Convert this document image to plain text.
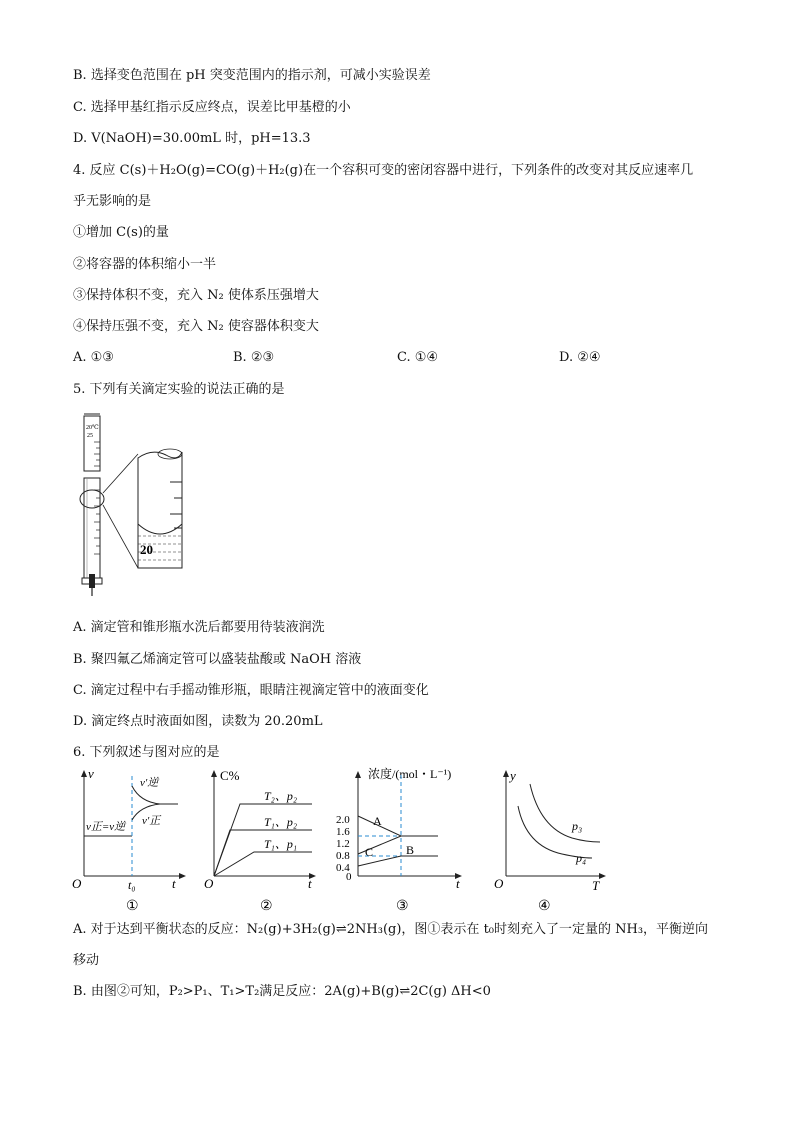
B. 选择变色范围在 pH 突变范围内的指示剂，可减小实验误差
C. 选择甲基红指示反应终点，误差比甲基橙的小
D. V(NaOH)=30.00mL 时，pH=13.3
4. 反应 C(s)＋H₂O(g)=CO(g)＋H₂(g)在一个容积可变的密闭容器中进行，下列条件的改变对其反应速率几
乎无影响的是
①增加 C(s)的量
②将容器的体积缩小一半
③保持体积不变，充入 N₂ 使体系压强增大
④保持压强不变，充入 N₂ 使容器体积变大
A. ①③	B. ②③	C. ①④	D. ②④
5. 下列有关滴定实验的说法正确的是
20℃
25
20
A. 滴定管和锥形瓶水洗后都要用待装液润洗
B. 聚四氟乙烯滴定管可以盛装盐酸或 NaOH 溶液
C. 滴定过程中右手摇动锥形瓶，眼睛注视滴定管中的液面变化
D. 滴定终点时液面如图，读数为 20.20mL
6. 下列叙述与图对应的是
v
O	t
t₀
v正=v逆
v′逆
v′正
①
C%
O	t
T₂、p₂
T₁、p₂
T₁、p₁
②
浓度/(mol・L⁻¹)
t
2.0
1.6
1.2
0.8
0.4
0
A
C	B
③
y
O	T
p₃
p₄
④
A. 对于达到平衡状态的反应：N₂(g)+3H₂(g)⇌2NH₃(g)，图①表示在 t₀时刻充入了一定量的 NH₃，平衡逆向
移动
B. 由图②可知，P₂>P₁、T₁>T₂满足反应：2A(g)+B(g)⇌2C(g) ΔH<0
